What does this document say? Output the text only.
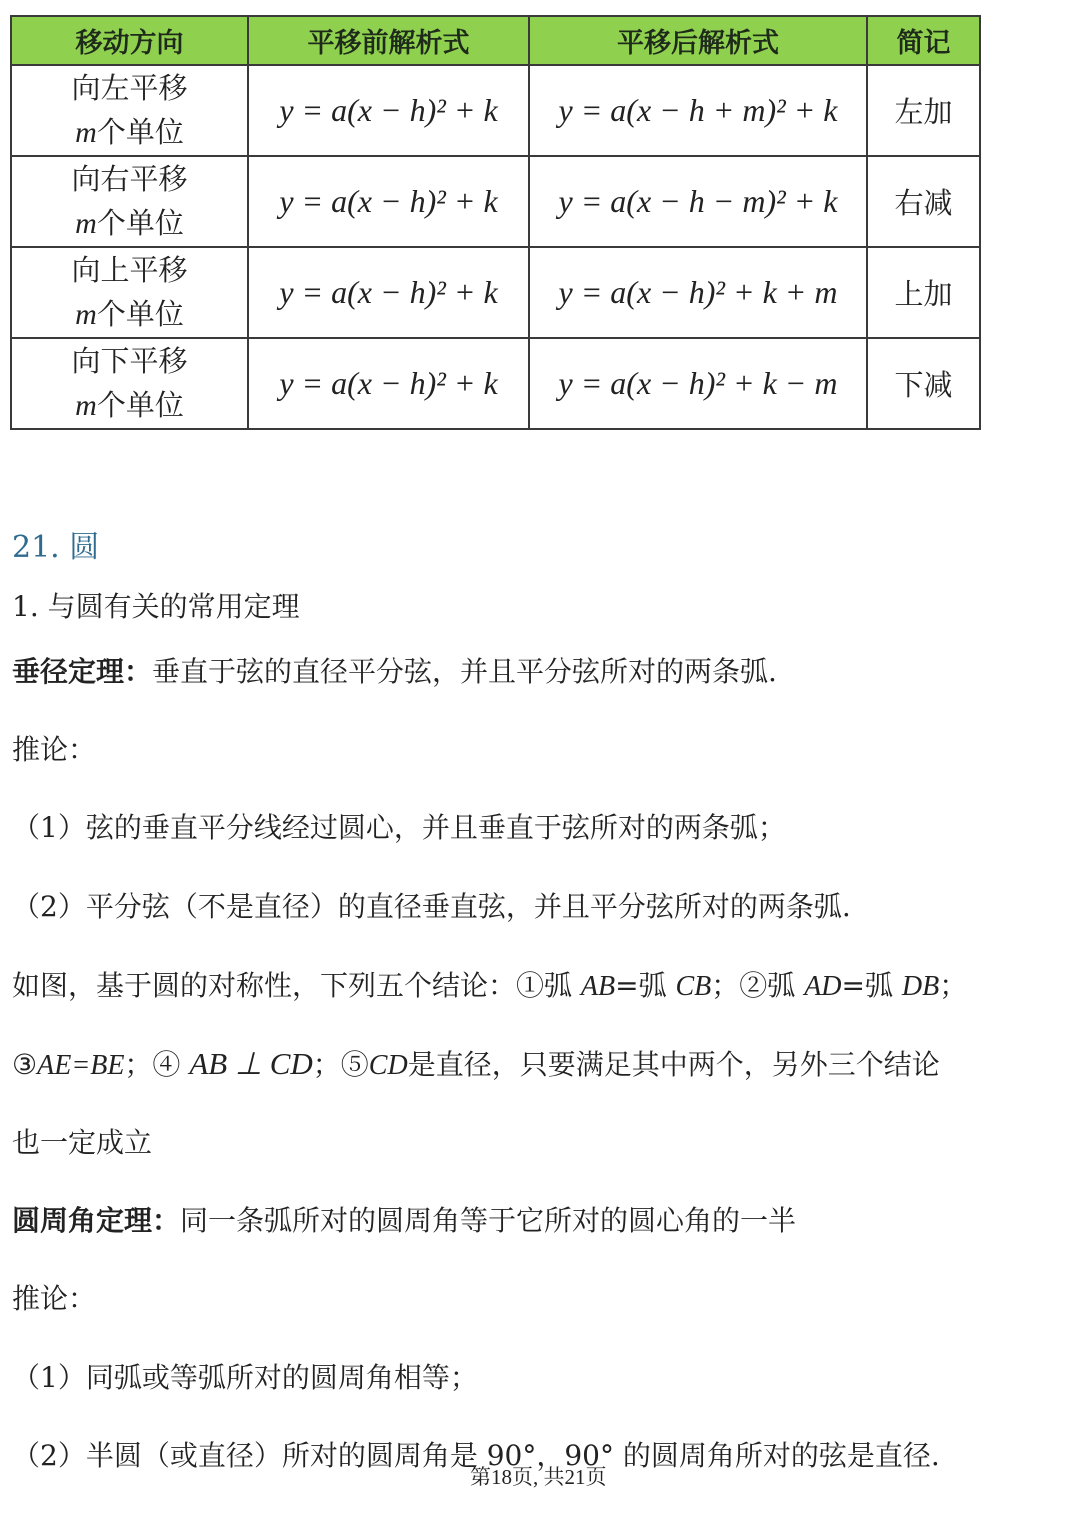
移动方向	平移前解析式	平移后解析式	简记

向左平移
m个单位	y = a(x − h)² + k	y = a(x − h + m)² + k	左加

向右平移
m个单位	y = a(x − h)² + k	y = a(x − h − m)² + k	右减

向上平移
m个单位	y = a(x − h)² + k	y = a(x − h)² + k + m	上加

向下平移
m个单位	y = a(x − h)² + k	y = a(x − h)² + k − m	下减
21. 圆
1. 与圆有关的常用定理
垂径定理：垂直于弦的直径平分弦，并且平分弦所对的两条弧.
推论：
（1）弦的垂直平分线经过圆心，并且垂直于弦所对的两条弧；
（2）平分弦（不是直径）的直径垂直弦，并且平分弦所对的两条弧.
如图，基于圆的对称性，下列五个结论：①弧 AB=弧 CB；②弧 AD=弧 DB；
③AE=BE；④ AB ⊥ CD；⑤CD是直径，只要满足其中两个，另外三个结论
也一定成立
圆周角定理：同一条弧所对的圆周角等于它所对的圆心角的一半
推论：
（1）同弧或等弧所对的圆周角相等；
（2）半圆（或直径）所对的圆周角是 90°，90° 的圆周角所对的弦是直径.
第18页, 共21页
